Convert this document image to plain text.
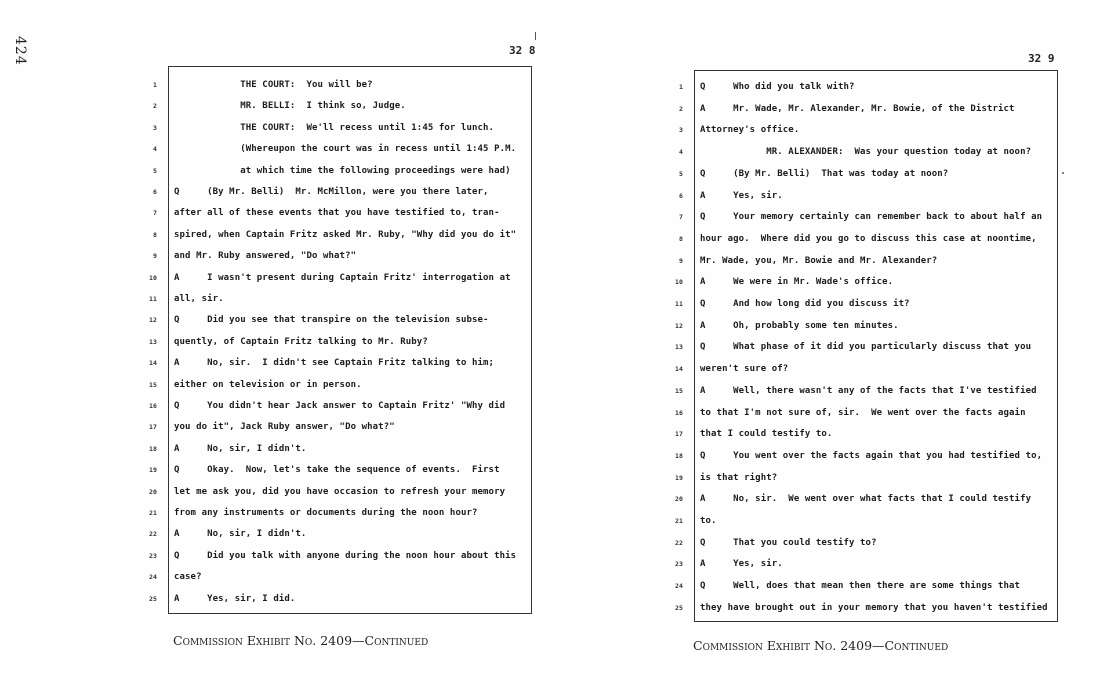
424	32 8
32 9
1 THE COURT:  You will be?
2 MR. BELLI:  I think so, Judge.
3 THE COURT:  We'll recess until 1:45 for lunch.
4 (Whereupon the court was in recess until 1:45 P.M.
5 at which time the following proceedings were had)
6 Q     (By Mr. Belli)  Mr. McMillon, were you there later,
7 after all of these events that you have testified to, tran-
8 spired, when Captain Fritz asked Mr. Ruby, "Why did you do it"
9 and Mr. Ruby answered, "Do what?"
10 A     I wasn't present during Captain Fritz' interrogation at
11 all, sir.
12 Q     Did you see that transpire on the television subse-
13 quently, of Captain Fritz talking to Mr. Ruby?
14 A     No, sir.  I didn't see Captain Fritz talking to him;
15 either on television or in person.
16 Q     You didn't hear Jack answer to Captain Fritz' "Why did
17 you do it", Jack Ruby answer, "Do what?"
18 A     No, sir, I didn't.
19 Q     Okay.  Now, let's take the sequence of events.  First
20 let me ask you, did you have occasion to refresh your memory
21 from any instruments or documents during the noon hour?
22 A     No, sir, I didn't.
23 Q     Did you talk with anyone during the noon hour about this
24 case?
25 A     Yes, sir, I did.
1 Q     Who did you talk with?
2 A     Mr. Wade, Mr. Alexander, Mr. Bowie, of the District
3 Attorney's office.
4 MR. ALEXANDER:  Was your question today at noon?
5 Q     (By Mr. Belli)  That was today at noon?
6 A     Yes, sir.
7 Q     Your memory certainly can remember back to about half an
8 hour ago.  Where did you go to discuss this case at noontime,
9 Mr. Wade, you, Mr. Bowie and Mr. Alexander?
10 A     We were in Mr. Wade's office.
11 Q     And how long did you discuss it?
12 A     Oh, probably some ten minutes.
13 Q     What phase of it did you particularly discuss that you
14 weren't sure of?
15 A     Well, there wasn't any of the facts that I've testified
16 to that I'm not sure of, sir.  We went over the facts again
17 that I could testify to.
18 Q     You went over the facts again that you had testified to,
19 is that right?
20 A     No, sir.  We went over what facts that I could testify
21 to.
22 Q     That you could testify to?
23 A     Yes, sir.
24 Q     Well, does that mean then there are some things that
25 they have brought out in your memory that you haven't testified
Commission Exhibit No. 2409—Continued	Commission Exhibit No. 2409—Continued
